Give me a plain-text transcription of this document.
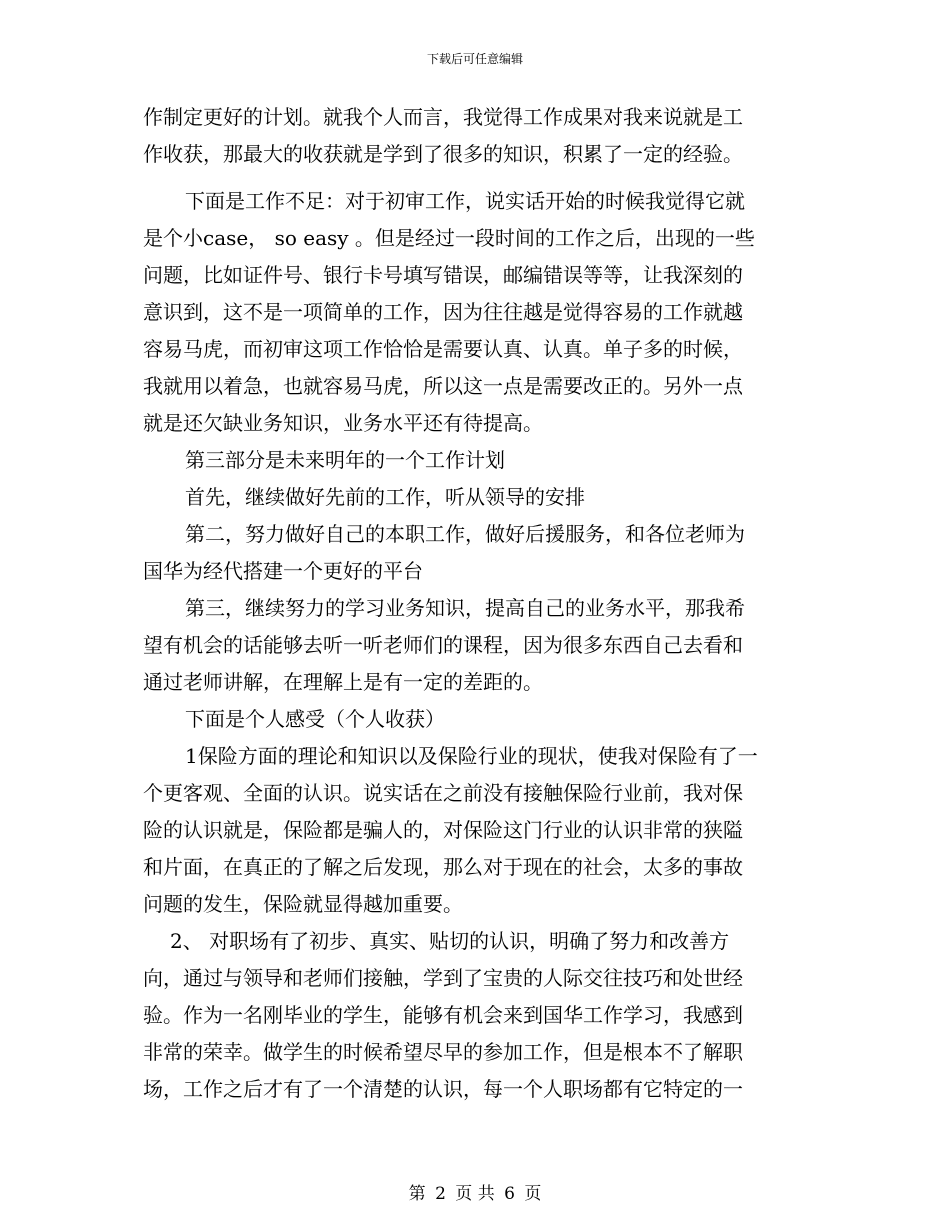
下载后可任意编辑
作制定更好的计划。就我个人而言，我觉得工作成果对我来说就是工
作收获，那最大的收获就是学到了很多的知识，积累了一定的经验。
下面是工作不足：对于初审工作，说实话开始的时候我觉得它就
是个小case， so easy 。但是经过一段时间的工作之后，出现的一些
问题，比如证件号、银行卡号填写错误，邮编错误等等，让我深刻的
意识到，这不是一项简单的工作，因为往往越是觉得容易的工作就越
容易马虎，而初审这项工作恰恰是需要认真、认真。单子多的时候，
我就用以着急，也就容易马虎，所以这一点是需要改正的。另外一点
就是还欠缺业务知识，业务水平还有待提高。
第三部分是未来明年的一个工作计划
首先，继续做好先前的工作，听从领导的安排
第二，努力做好自己的本职工作，做好后援服务，和各位老师为
国华为经代搭建一个更好的平台
第三，继续努力的学习业务知识，提高自己的业务水平，那我希
望有机会的话能够去听一听老师们的课程，因为很多东西自己去看和
通过老师讲解，在理解上是有一定的差距的。
下面是个人感受（个人收获）
1保险方面的理论和知识以及保险行业的现状，使我对保险有了一
个更客观、全面的认识。说实话在之前没有接触保险行业前，我对保
险的认识就是，保险都是骗人的，对保险这门行业的认识非常的狭隘
和片面，在真正的了解之后发现，那么对于现在的社会，太多的事故
问题的发生，保险就显得越加重要。
2、 对职场有了初步、真实、贴切的认识，明确了努力和改善方
向，通过与领导和老师们接触，学到了宝贵的人际交往技巧和处世经
验。作为一名刚毕业的学生，能够有机会来到国华工作学习，我感到
非常的荣幸。做学生的时候希望尽早的参加工作，但是根本不了解职
场，工作之后才有了一个清楚的认识，每一个人职场都有它特定的一
第 2 页 共 6 页
